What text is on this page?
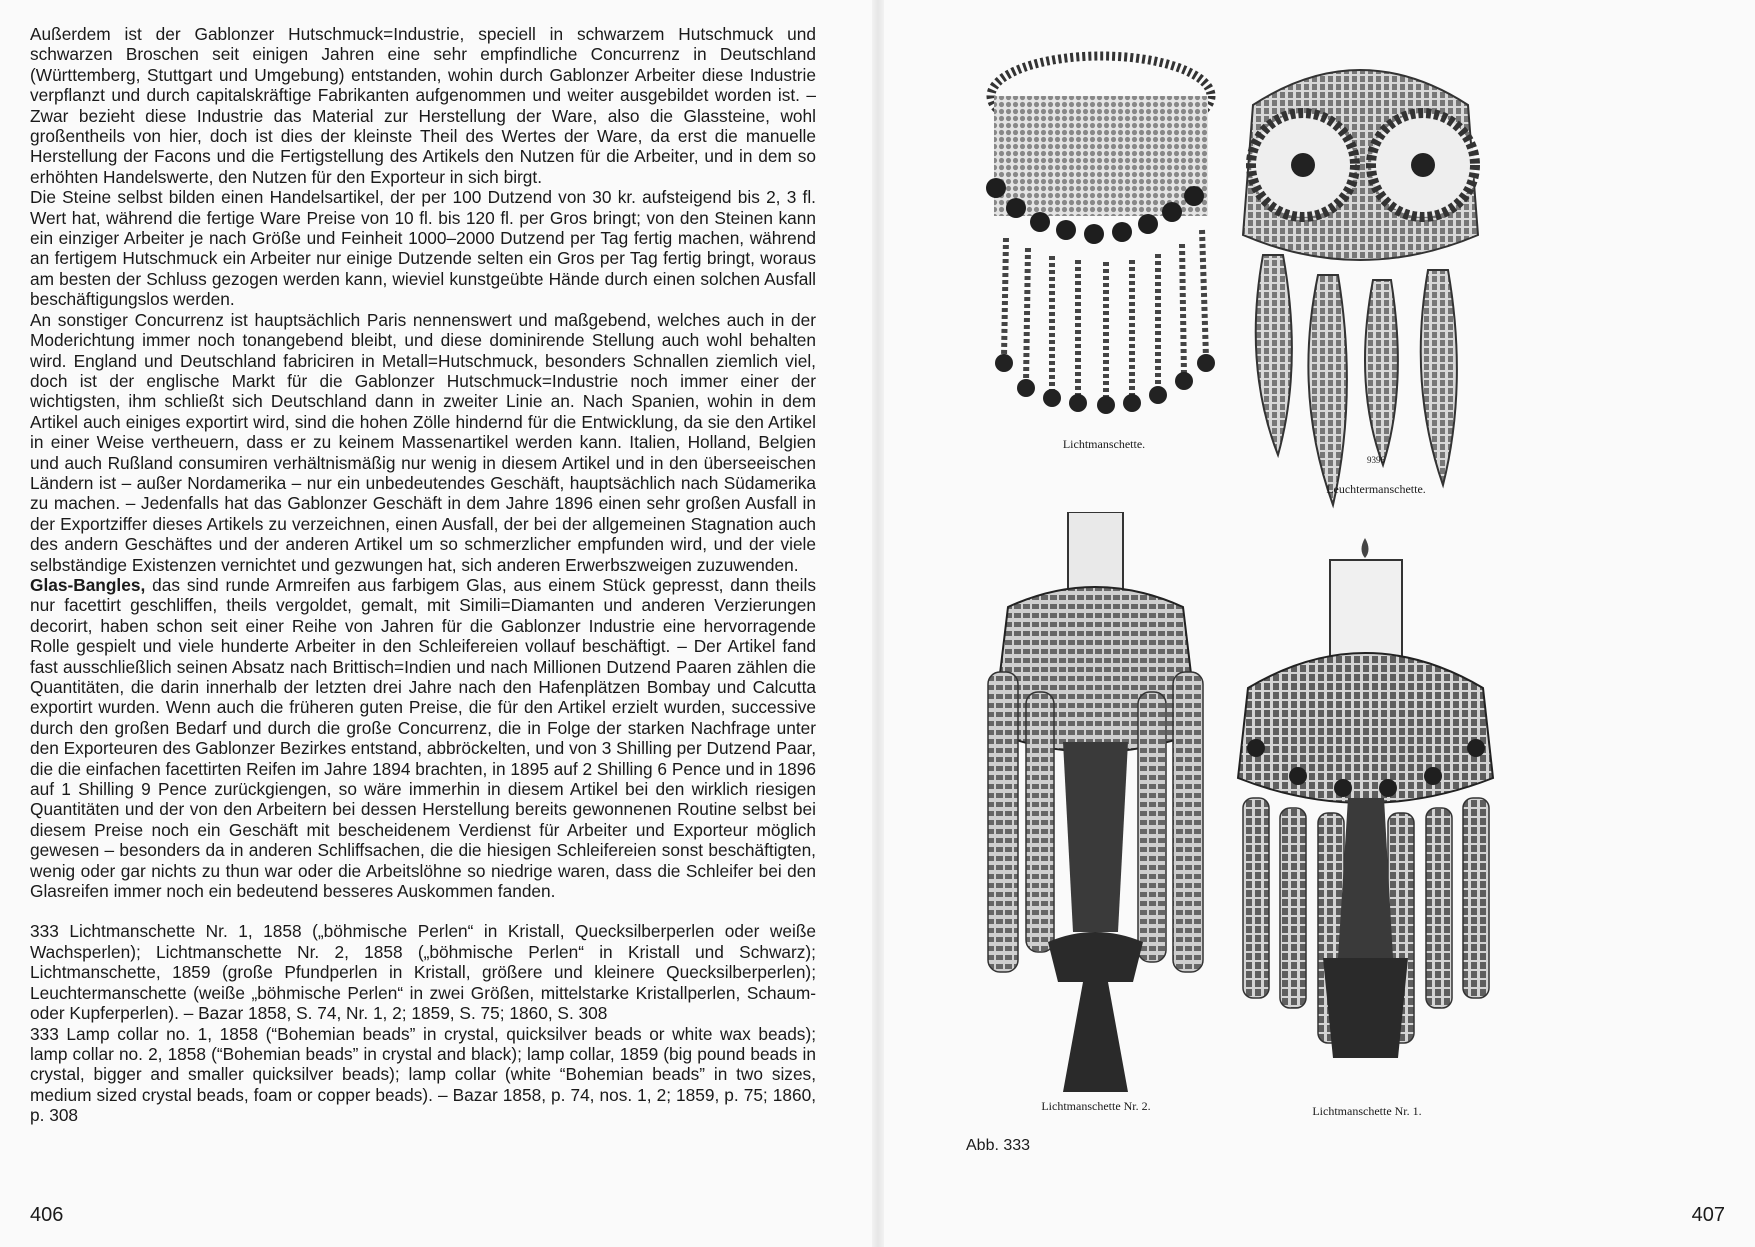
Außerdem ist der Gablonzer Hutschmuck=Industrie, speciell in schwarzem Hutschmuck und schwarzen Broschen seit einigen Jahren eine sehr empfindliche Concurrenz in Deutschland (Württemberg, Stuttgart und Umgebung) entstanden, wohin durch Gablonzer Arbeiter diese Industrie verpflanzt und durch capitalskräftige Fabrikanten aufgenommen und weiter ausgebildet worden ist. – Zwar bezieht diese Industrie das Material zur Herstellung der Ware, also die Glassteine, wohl großentheils von hier, doch ist dies der kleinste Theil des Wertes der Ware, da erst die manuelle Herstellung der Facons und die Fertigstellung des Artikels den Nutzen für die Arbeiter, und in dem so erhöhten Handelswerte, den Nutzen für den Exporteur in sich birgt.

Die Steine selbst bilden einen Handelsartikel, der per 100 Dutzend von 30 kr. aufsteigend bis 2, 3 fl. Wert hat, während die fertige Ware Preise von 10 fl. bis 120 fl. per Gros bringt; von den Steinen kann ein einziger Arbeiter je nach Größe und Feinheit 1000–2000 Dutzend per Tag fertig machen, während an fertigem Hutschmuck ein Arbeiter nur einige Dutzende selten ein Gros per Tag fertig bringt, woraus am besten der Schluss gezogen werden kann, wieviel kunstgeübte Hände durch einen solchen Ausfall beschäftigungslos werden.

An sonstiger Concurrenz ist hauptsächlich Paris nennenswert und maßgebend, welches auch in der Moderichtung immer noch tonangebend bleibt, und diese dominirende Stellung auch wohl behalten wird. England und Deutschland fabriciren in Metall=Hutschmuck, besonders Schnallen ziemlich viel, doch ist der englische Markt für die Gablonzer Hutschmuck=Industrie noch immer einer der wichtigsten, ihm schließt sich Deutschland dann in zweiter Linie an. Nach Spanien, wohin in dem Artikel auch einiges exportirt wird, sind die hohen Zölle hindernd für die Entwicklung, da sie den Artikel in einer Weise vertheuern, dass er zu keinem Massenartikel werden kann. Italien, Holland, Belgien und auch Rußland consumiren verhältnismäßig nur wenig in diesem Artikel und in den überseeischen Ländern ist – außer Nordamerika – nur ein unbedeutendes Geschäft, hauptsächlich nach Südamerika zu machen. – Jedenfalls hat das Gablonzer Geschäft in dem Jahre 1896 einen sehr großen Ausfall in der Exportziffer dieses Artikels zu verzeichnen, einen Ausfall, der bei der allgemeinen Stagnation auch des andern Geschäftes und der anderen Artikel um so schmerzlicher empfunden wird, und der viele selbständige Existenzen vernichtet und gezwungen hat, sich anderen Erwerbszweigen zuzuwenden.

Glas-Bangles, das sind runde Armreifen aus farbigem Glas, aus einem Stück gepresst, dann theils nur facettirt geschliffen, theils vergoldet, gemalt, mit Simili=Diamanten und anderen Verzierungen decorirt, haben schon seit einer Reihe von Jahren für die Gablonzer Industrie eine hervorragende Rolle gespielt und viele hunderte Arbeiter in den Schleifereien vollauf beschäftigt. – Der Artikel fand fast ausschließlich seinen Absatz nach Brittisch=Indien und nach Millionen Dutzend Paaren zählen die Quantitäten, die darin innerhalb der letzten drei Jahre nach den Hafenplätzen Bombay und Calcutta exportirt wurden. Wenn auch die früheren guten Preise, die für den Artikel erzielt wurden, successive durch den großen Bedarf und durch die große Concurrenz, die in Folge der starken Nachfrage unter den Exporteuren des Gablonzer Bezirkes entstand, abbröckelten, und von 3 Shilling per Dutzend Paar, die die einfachen facettirten Reifen im Jahre 1894 brachten, in 1895 auf 2 Shilling 6 Pence und in 1896 auf 1 Shilling 9 Pence zurückgiengen, so wäre immerhin in diesem Artikel bei den wirklich riesigen Quantitäten und der von den Arbeitern bei dessen Herstellung bereits gewonnenen Routine selbst bei diesem Preise noch ein Geschäft mit bescheidenem Verdienst für Arbeiter und Exporteur möglich gewesen – besonders da in anderen Schliffsachen, die die hiesigen Schleifereien sonst beschäftigten, wenig oder gar nichts zu thun war oder die Arbeitslöhne so niedrige waren, dass die Schleifer bei den Glasreifen immer noch ein bedeutend besseres Auskommen fanden.

333 Lichtmanschette Nr. 1, 1858 („böhmische Perlen“ in Kristall, Quecksilberperlen oder weiße Wachsperlen); Lichtmanschette Nr. 2, 1858 („böhmische Perlen“ in Kristall und Schwarz); Lichtmanschette, 1859 (große Pfundperlen in Kristall, größere und kleinere Quecksilberperlen); Leuchtermanschette (weiße „böhmische Perlen“ in zwei Größen, mittelstarke Kristallperlen, Schaum- oder Kupferperlen). – Bazar 1858, S. 74, Nr. 1, 2; 1859, S. 75; 1860, S. 308

333 Lamp collar no. 1, 1858 (“Bohemian beads” in crystal, quicksilver beads or white wax beads); lamp collar no. 2, 1858 (“Bohemian beads” in crystal and black); lamp collar, 1859 (big pound beads in crystal, bigger and smaller quicksilver beads); lamp collar (white “Bohemian beads” in two sizes, medium sized crystal beads, foam or copper beads). – Bazar 1858, p. 74, nos. 1, 2; 1859, p. 75; 1860, p. 308

406
Lichtmanschette.
9396
Leuchtermanschette.
Lichtmanschette Nr. 2.	Lichtmanschette Nr. 1.
Abb. 333
407
